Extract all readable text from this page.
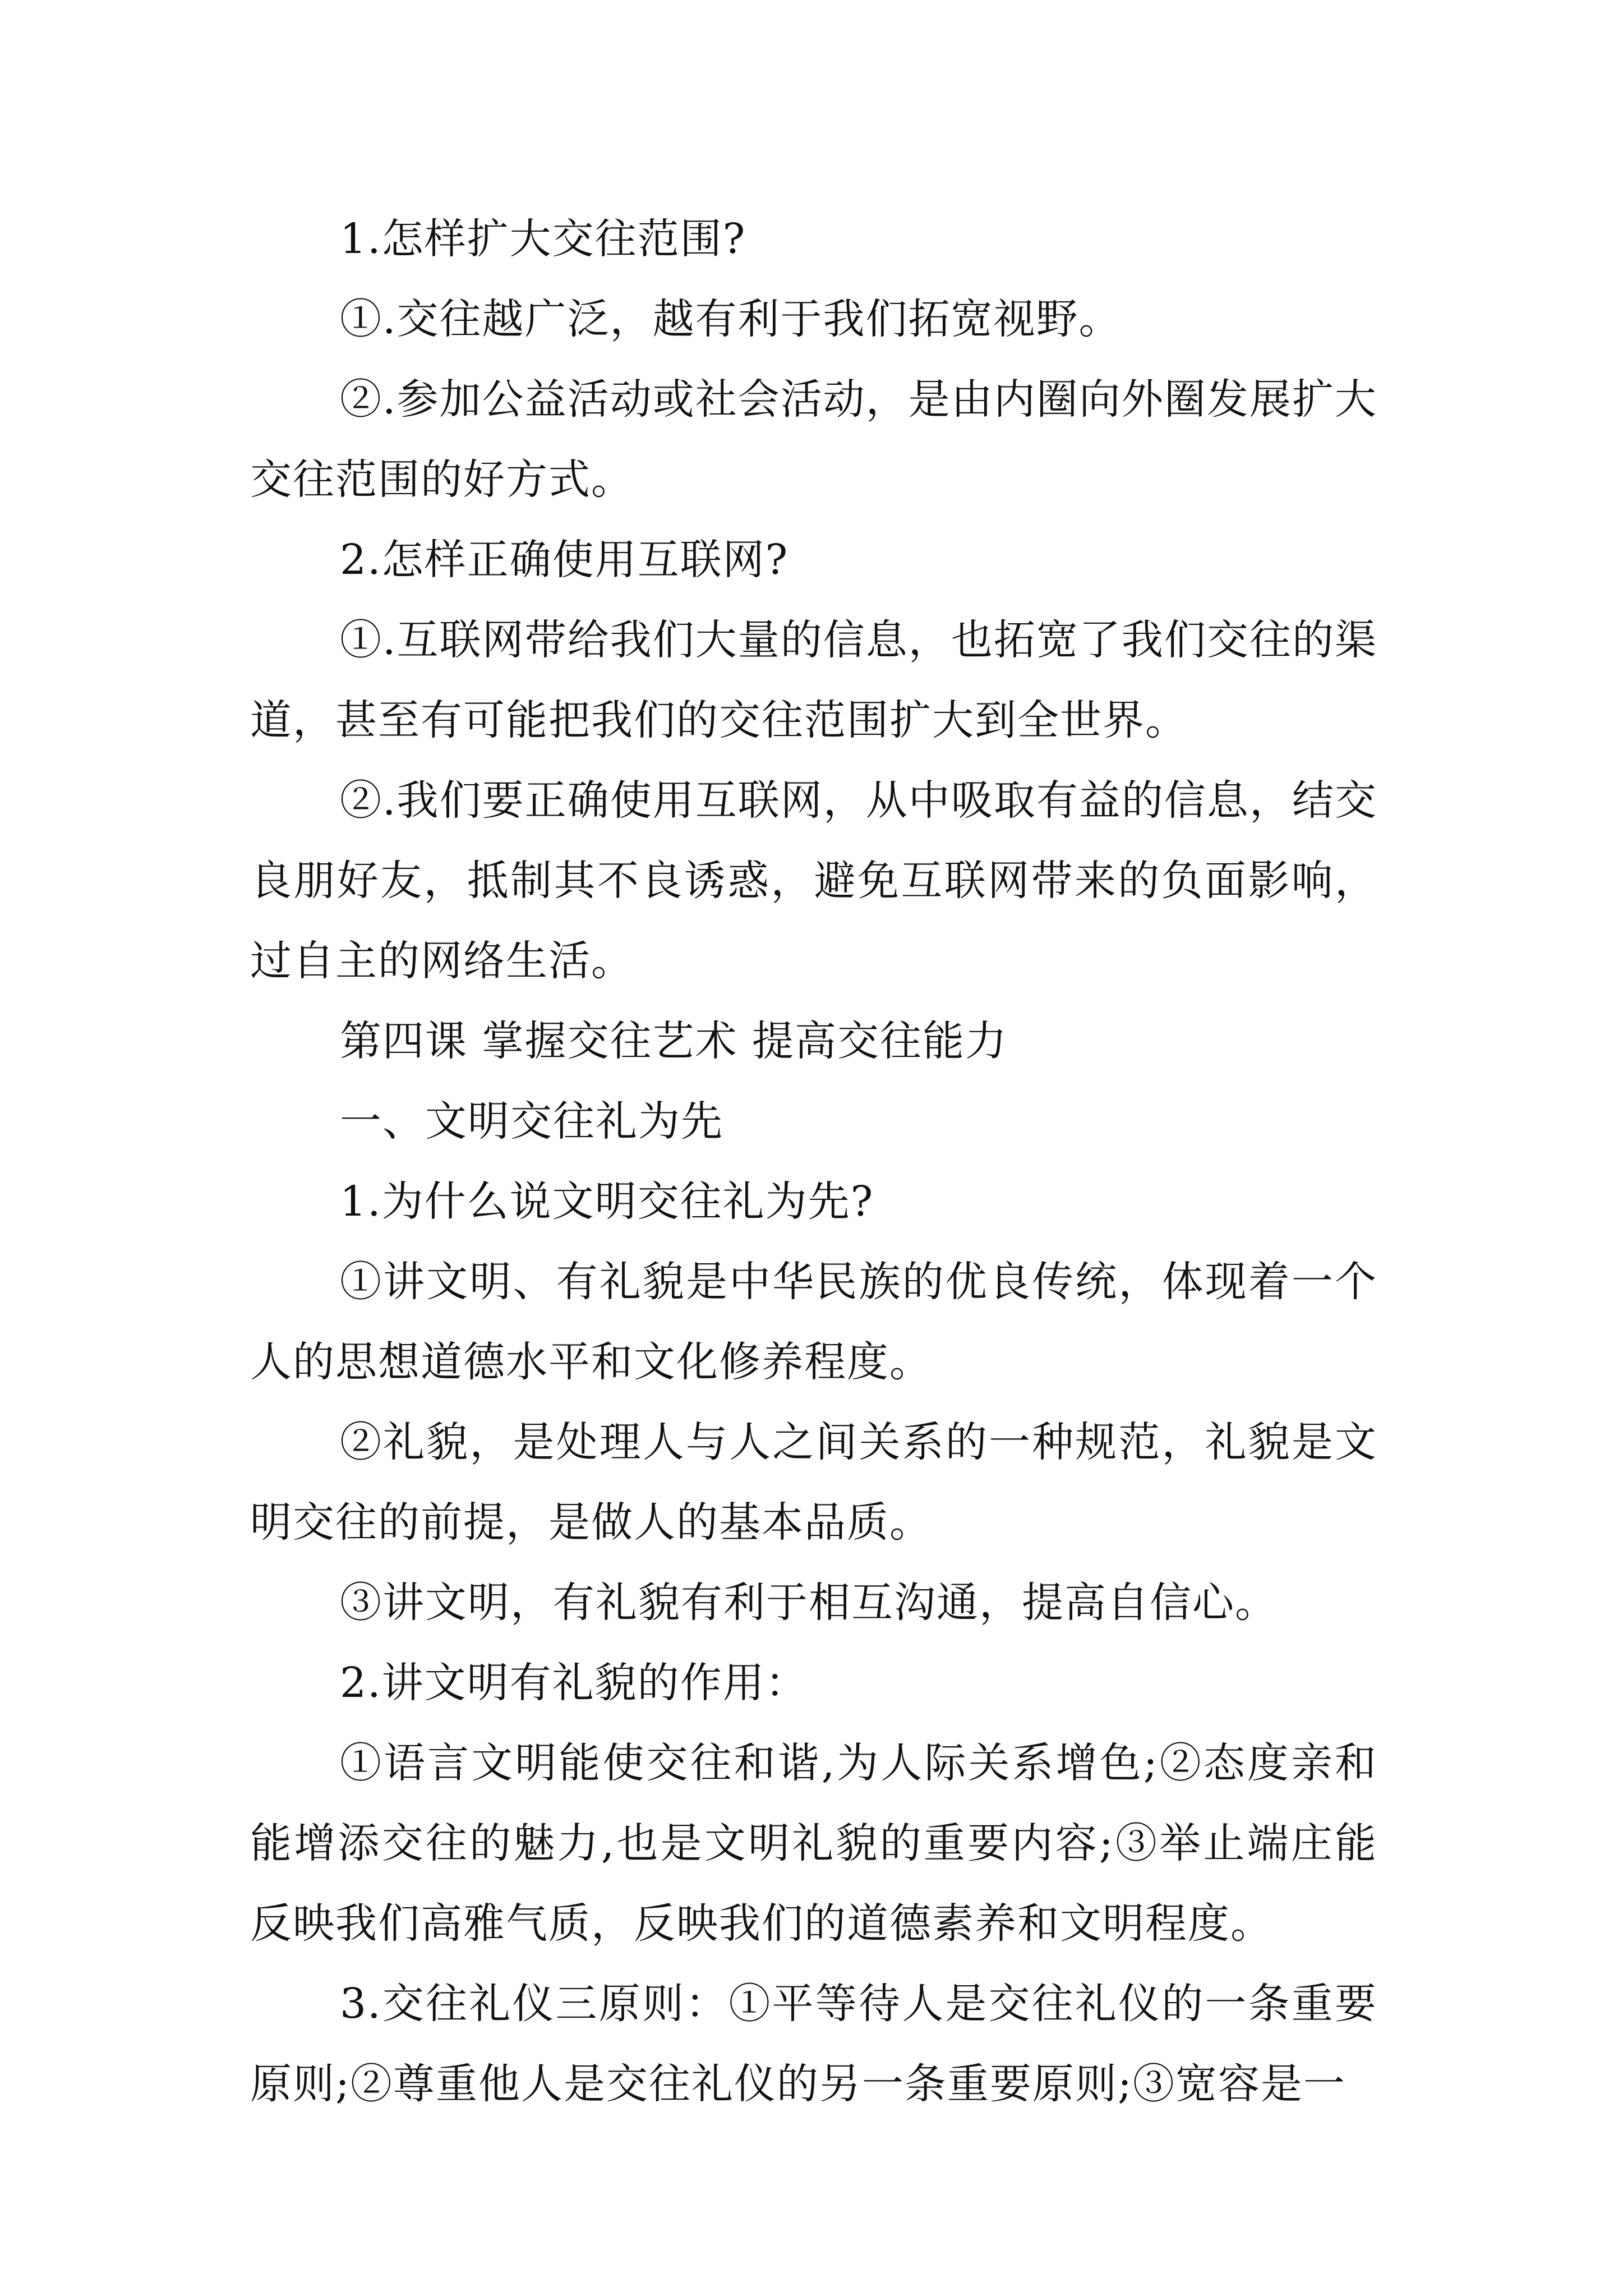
1.怎样扩大交往范围?

①.交往越广泛，越有利于我们拓宽视野。

②.参加公益活动或社会活动，是由内圈向外圈发展扩大交往范围的好方式。

2.怎样正确使用互联网?

①.互联网带给我们大量的信息，也拓宽了我们交往的渠道，甚至有可能把我们的交往范围扩大到全世界。

②.我们要正确使用互联网，从中吸取有益的信息，结交良朋好友，抵制其不良诱惑，避免互联网带来的负面影响，过自主的网络生活。

第四课 掌握交往艺术 提高交往能力

一、文明交往礼为先

1.为什么说文明交往礼为先?

①讲文明、有礼貌是中华民族的优良传统，体现着一个人的思想道德水平和文化修养程度。

②礼貌，是处理人与人之间关系的一种规范，礼貌是文明交往的前提，是做人的基本品质。

③讲文明，有礼貌有利于相互沟通，提高自信心。

2.讲文明有礼貌的作用：

①语言文明能使交往和谐,为人际关系增色;②态度亲和能增添交往的魅力,也是文明礼貌的重要内容;③举止端庄能反映我们高雅气质，反映我们的道德素养和文明程度。

3.交往礼仪三原则：①平等待人是交往礼仪的一条重要原则;②尊重他人是交往礼仪的另一条重要原则;③宽容是一
